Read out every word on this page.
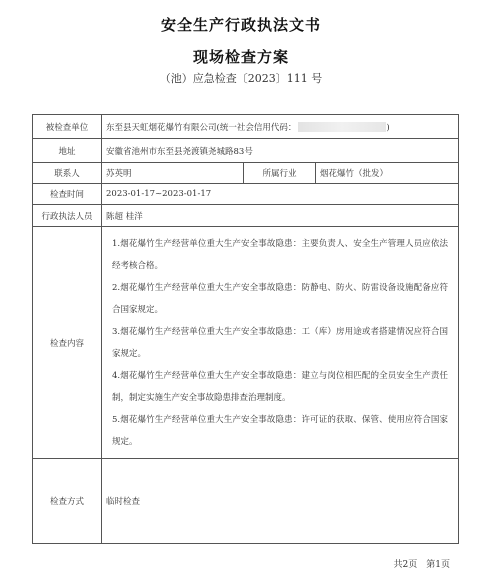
安全生产行政执法文书
现场检查方案
（池）应急检查〔2023〕111 号
被检查单位	东至县天虹烟花爆竹有限公司(统一社会信用代码： )		
地址	安徽省池州市东至县尧渡镇尧城路83号		
联系人	苏英明	所属行业	烟花爆竹（批发）
检查时间	2023-01-17~2023-01-17		
行政执法人员	陈超 桂洋		
检查内容	1.烟花爆竹生产经营单位重大生产安全事故隐患：主要负责人、安全生产管理人员应依法经考核合格。

2.烟花爆竹生产经营单位重大生产安全事故隐患：防静电、防火、防雷设备设施配备应符合国家规定。

3.烟花爆竹生产经营单位重大生产安全事故隐患：工（库）房用途或者搭建情况应符合国家规定。

4.烟花爆竹生产经营单位重大生产安全事故隐患：建立与岗位相匹配的全员安全生产责任制，制定实施生产安全事故隐患排查治理制度。

5.烟花爆竹生产经营单位重大生产安全事故隐患：许可证的获取、保管、使用应符合国家规定。		

检查方式	临时检查		
共2页　第1页
